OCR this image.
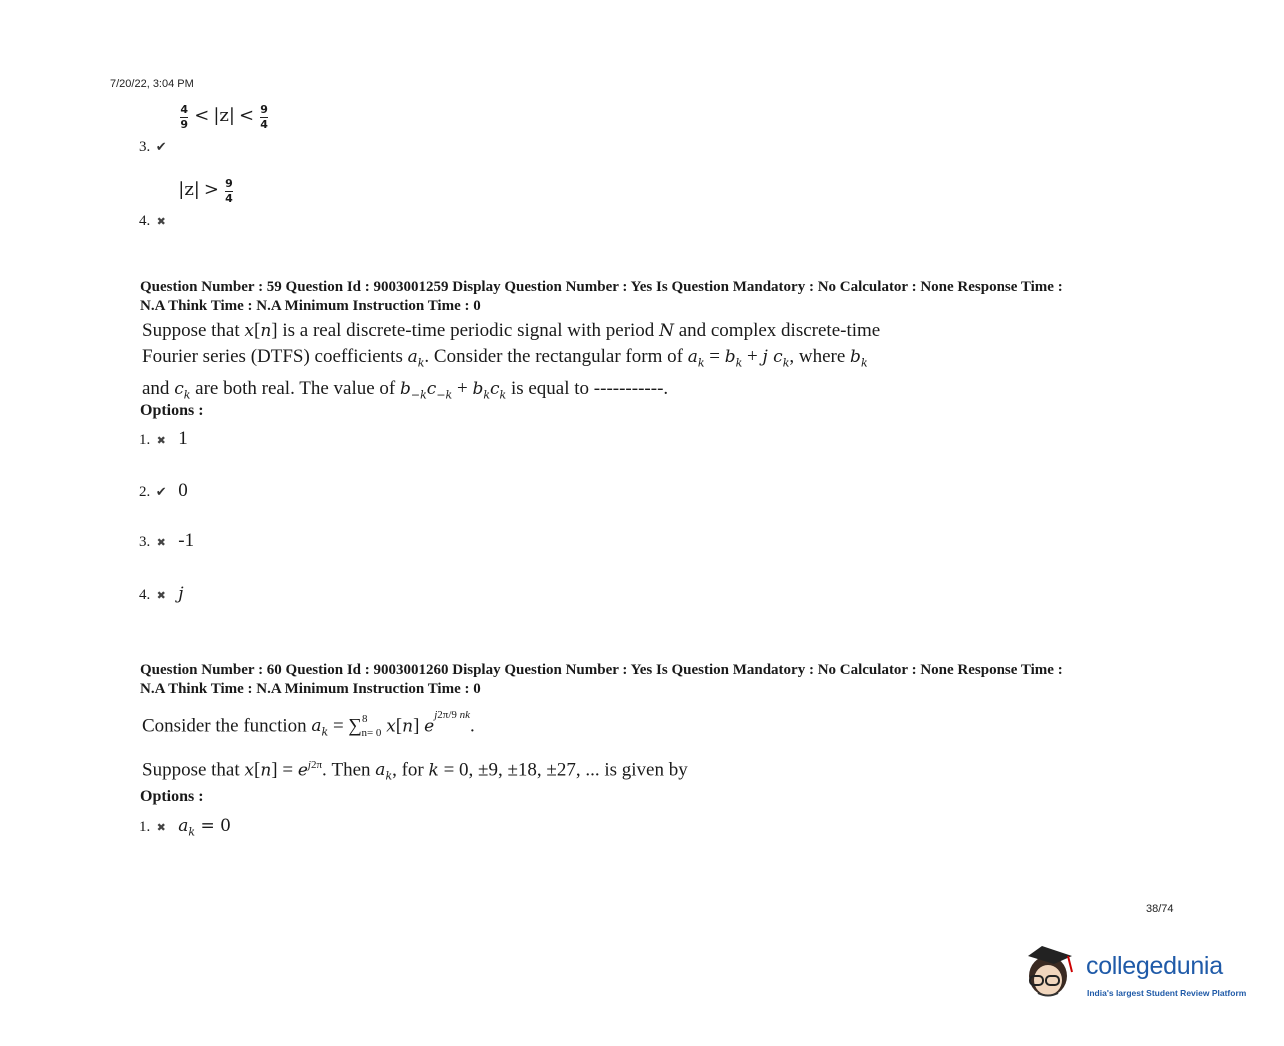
7/20/22, 3:04 PM
3. ✔
$\frac{4}{9} < |z| < \frac{9}{4}$
4. ✖ $|z| > \frac{9}{4}$
Question Number : 59 Question Id : 9003001259 Display Question Number : Yes Is Question Mandatory : No Calculator : None Response Time :
N.A Think Time : N.A Minimum Instruction Time : 0
Suppose that x[n] is a real discrete-time periodic signal with period N and complex discrete-time
Fourier series (DTFS) coefficients $a_k$. Consider the rectangular form of $a_k = b_k + j$ $c_k$, where $b_k$
and $c_k$ are both real. The value of $b_{-k}c_{-k} + b_kc_k$ is equal to -----------.
Options :
1. ✖ 1
2. ✔ 0
3. ✖ -1
4. ✖ j
Question Number : 60 Question Id : 9003001260 Display Question Number : Yes Is Question Mandatory : No Calculator : None Response Time :
N.A Think Time : N.A Minimum Instruction Time : 0
Consider the function $a_k = \sum^8_{n= 0}$ x[n] $e^{j2\pi/9 nk}$.
Suppose that $x[n] = e^{j2\pi}$. Then $a_k$, for k = 0, ±9, ±18, ±27, ... is given by
Options :
1. ✖ $a_k = 0$
38/74
collegedunia
India's largest Student Review Platform
